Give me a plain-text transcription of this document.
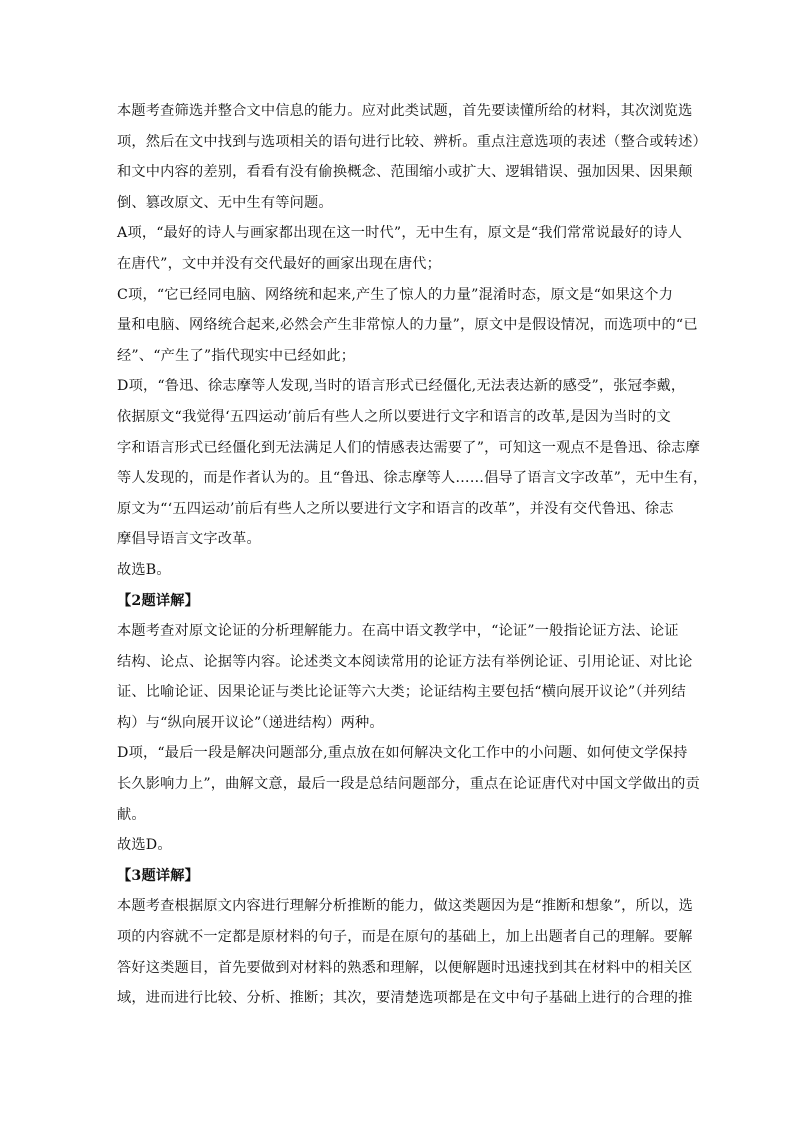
本题考查筛选并整合文中信息的能力。应对此类试题，首先要读懂所给的材料，其次浏览选
项，然后在文中找到与选项相关的语句进行比较、辨析。重点注意选项的表述（整合或转述）
和文中内容的差别，看看有没有偷换概念、范围缩小或扩大、逻辑错误、强加因果、因果颠
倒、篡改原文、无中生有等问题。
A项，“最好的诗人与画家都出现在这一时代”，无中生有，原文是“我们常常说最好的诗人
在唐代”，文中并没有交代最好的画家出现在唐代；
C项，“它已经同电脑、网络统和起来,产生了惊人的力量”混淆时态，原文是“如果这个力
量和电脑、网络统合起来,必然会产生非常惊人的力量”，原文中是假设情况，而选项中的“已
经”、“产生了”指代现实中已经如此；
D项，“鲁迅、徐志摩等人发现,当时的语言形式已经僵化,无法表达新的感受”，张冠李戴，
依据原文“我觉得‘五四运动’前后有些人之所以要进行文字和语言的改革,是因为当时的文
字和语言形式已经僵化到无法满足人们的情感表达需要了”，可知这一观点不是鲁迅、徐志摩
等人发现的，而是作者认为的。且“鲁迅、徐志摩等人……倡导了语言文字改革”，无中生有，
原文为“‘五四运动’前后有些人之所以要进行文字和语言的改革”，并没有交代鲁迅、徐志
摩倡导语言文字改革。
故选B。
【2题详解】
本题考查对原文论证的分析理解能力。在高中语文教学中，“论证”一般指论证方法、论证
结构、论点、论据等内容。论述类文本阅读常用的论证方法有举例论证、引用论证、对比论
证、比喻论证、因果论证与类比论证等六大类；论证结构主要包括“横向展开议论”（并列结
构）与“纵向展开议论”（递进结构）两种。
D项，“最后一段是解决问题部分,重点放在如何解决文化工作中的小问题、如何使文学保持
长久影响力上”，曲解文意，最后一段是总结问题部分，重点在论证唐代对中国文学做出的贡
献。
故选D。
【3题详解】
本题考查根据原文内容进行理解分析推断的能力，做这类题因为是“推断和想象”，所以，选
项的内容就不一定都是原材料的句子，而是在原句的基础上，加上出题者自己的理解。要解
答好这类题目，首先要做到对材料的熟悉和理解，以便解题时迅速找到其在材料中的相关区
域，进而进行比较、分析、推断；其次，要清楚选项都是在文中句子基础上进行的合理的推
